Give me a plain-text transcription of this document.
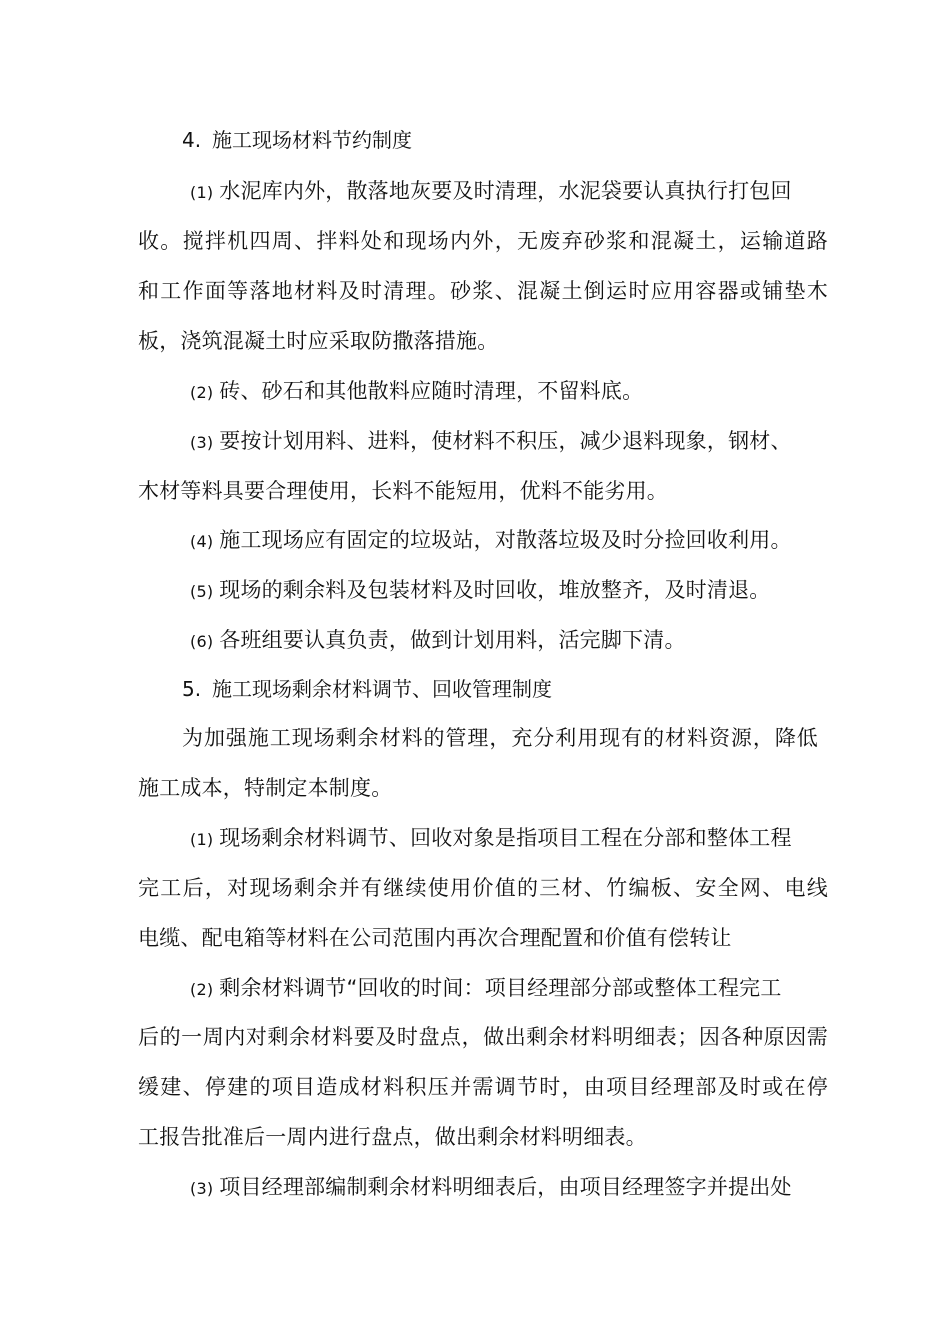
4. 施工现场材料节约制度
(1) 水泥库内外，散落地灰要及时清理，水泥袋要认真执行打包回
收。搅拌机四周、拌料处和现场内外，无废弃砂浆和混凝土，运输道路
和工作面等落地材料及时清理。砂浆、混凝土倒运时应用容器或铺垫木
板，浇筑混凝土时应采取防撒落措施。
(2) 砖、砂石和其他散料应随时清理，不留料底。
(3) 要按计划用料、进料，使材料不积压，减少退料现象，钢材、
木材等料具要合理使用，长料不能短用，优料不能劣用。
(4) 施工现场应有固定的垃圾站，对散落垃圾及时分捡回收利用。
(5) 现场的剩余料及包装材料及时回收，堆放整齐，及时清退。
(6) 各班组要认真负责，做到计划用料，活完脚下清。
5. 施工现场剩余材料调节、回收管理制度
为加强施工现场剩余材料的管理，充分利用现有的材料资源，降低
施工成本，特制定本制度。
(1) 现场剩余材料调节、回收对象是指项目工程在分部和整体工程
完工后，对现场剩余并有继续使用价值的三材、竹编板、安全网、电线
电缆、配电箱等材料在公司范围内再次合理配置和价值有偿转让
(2) 剩余材料调节“回收的时间：项目经理部分部或整体工程完工
后的一周内对剩余材料要及时盘点，做出剩余材料明细表；因各种原因需
缓建、停建的项目造成材料积压并需调节时，由项目经理部及时或在停
工报告批准后一周内进行盘点，做出剩余材料明细表。
(3) 项目经理部编制剩余材料明细表后，由项目经理签字并提出处
